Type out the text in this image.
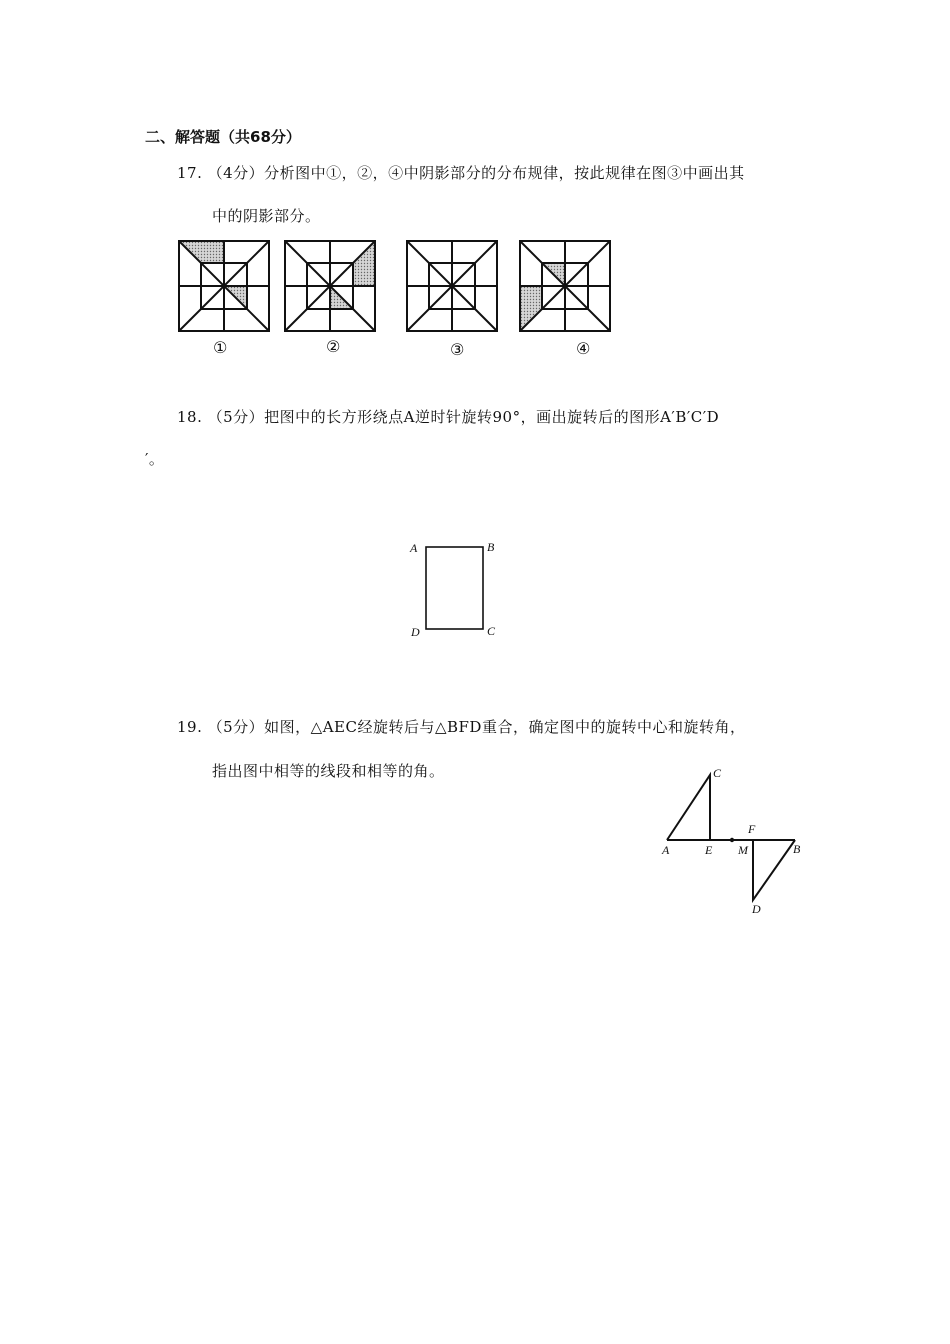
二、解答题（共68分）
17. （4分）分析图中①，②，④中阴影部分的分布规律，按此规律在图③中画出其
中的阴影部分。
①	②	③	④
18. （5分）把图中的长方形绕点A逆时针旋转90°，画出旋转后的图形A′B′C′D
′。
A	B
D	C
19. （5分）如图，△AEC经旋转后与△BFD重合，确定图中的旋转中心和旋转角，
指出图中相等的线段和相等的角。	C
F
A	E M	B
D
